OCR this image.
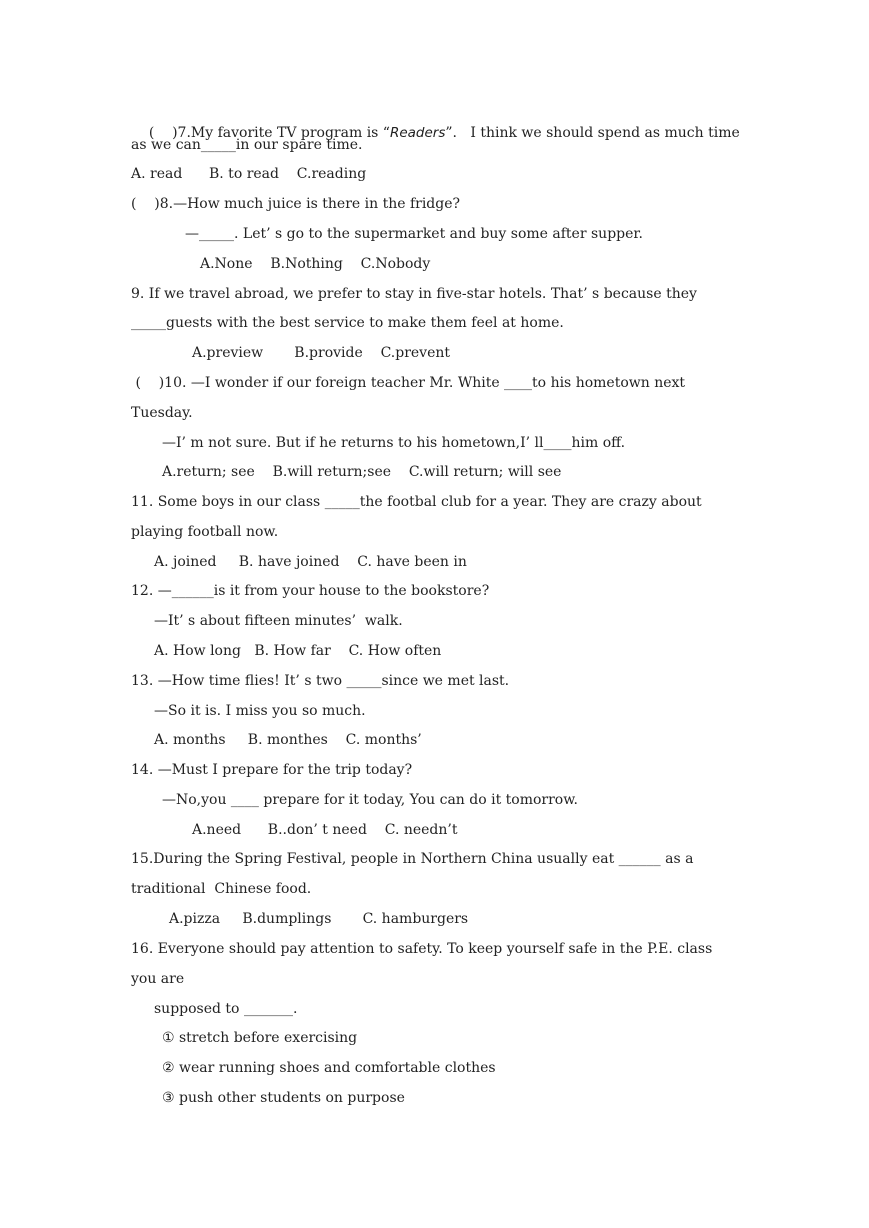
(    )7.My favorite TV program is “Readers”.   I think we should spend as much time

as we can_____in our spare time.
A. read      B. to read    C.reading
(    )8.—How much juice is there in the fridge?
—_____. Let’ s go to the supermarket and buy some after supper.
A.None    B.Nothing    C.Nobody
9. If we travel abroad, we prefer to stay in five-star hotels. That’ s because they
_____guests with the best service to make them feel at home.
A.preview       B.provide    C.prevent
(    )10. —I wonder if our foreign teacher Mr. White ____to his hometown next
Tuesday.
—I’ m not sure. But if he returns to his hometown,I’ ll____him off.
A.return; see    B.will return;see    C.will return; will see
11. Some boys in our class _____the footbal club for a year. They are crazy about
playing football now.
A. joined     B. have joined    C. have been in
12. —______is it from your house to the bookstore?
—It’ s about fifteen minutes’  walk.
A. How long   B. How far    C. How often
13. —How time flies! It’ s two _____since we met last.
—So it is. I miss you so much.
A. months     B. monthes    C. months’
14. —Must I prepare for the trip today?
—No,you ____ prepare for it today, You can do it tomorrow.
A.need      B..don’ t need    C. needn’t
15.During the Spring Festival, people in Northern China usually eat ______ as a
traditional  Chinese food.
A.pizza     B.dumplings       C. hamburgers
16. Everyone should pay attention to safety. To keep yourself safe in the P.E. class
you are
supposed to _______.
① stretch before exercising
② wear running shoes and comfortable clothes
③ push other students on purpose
